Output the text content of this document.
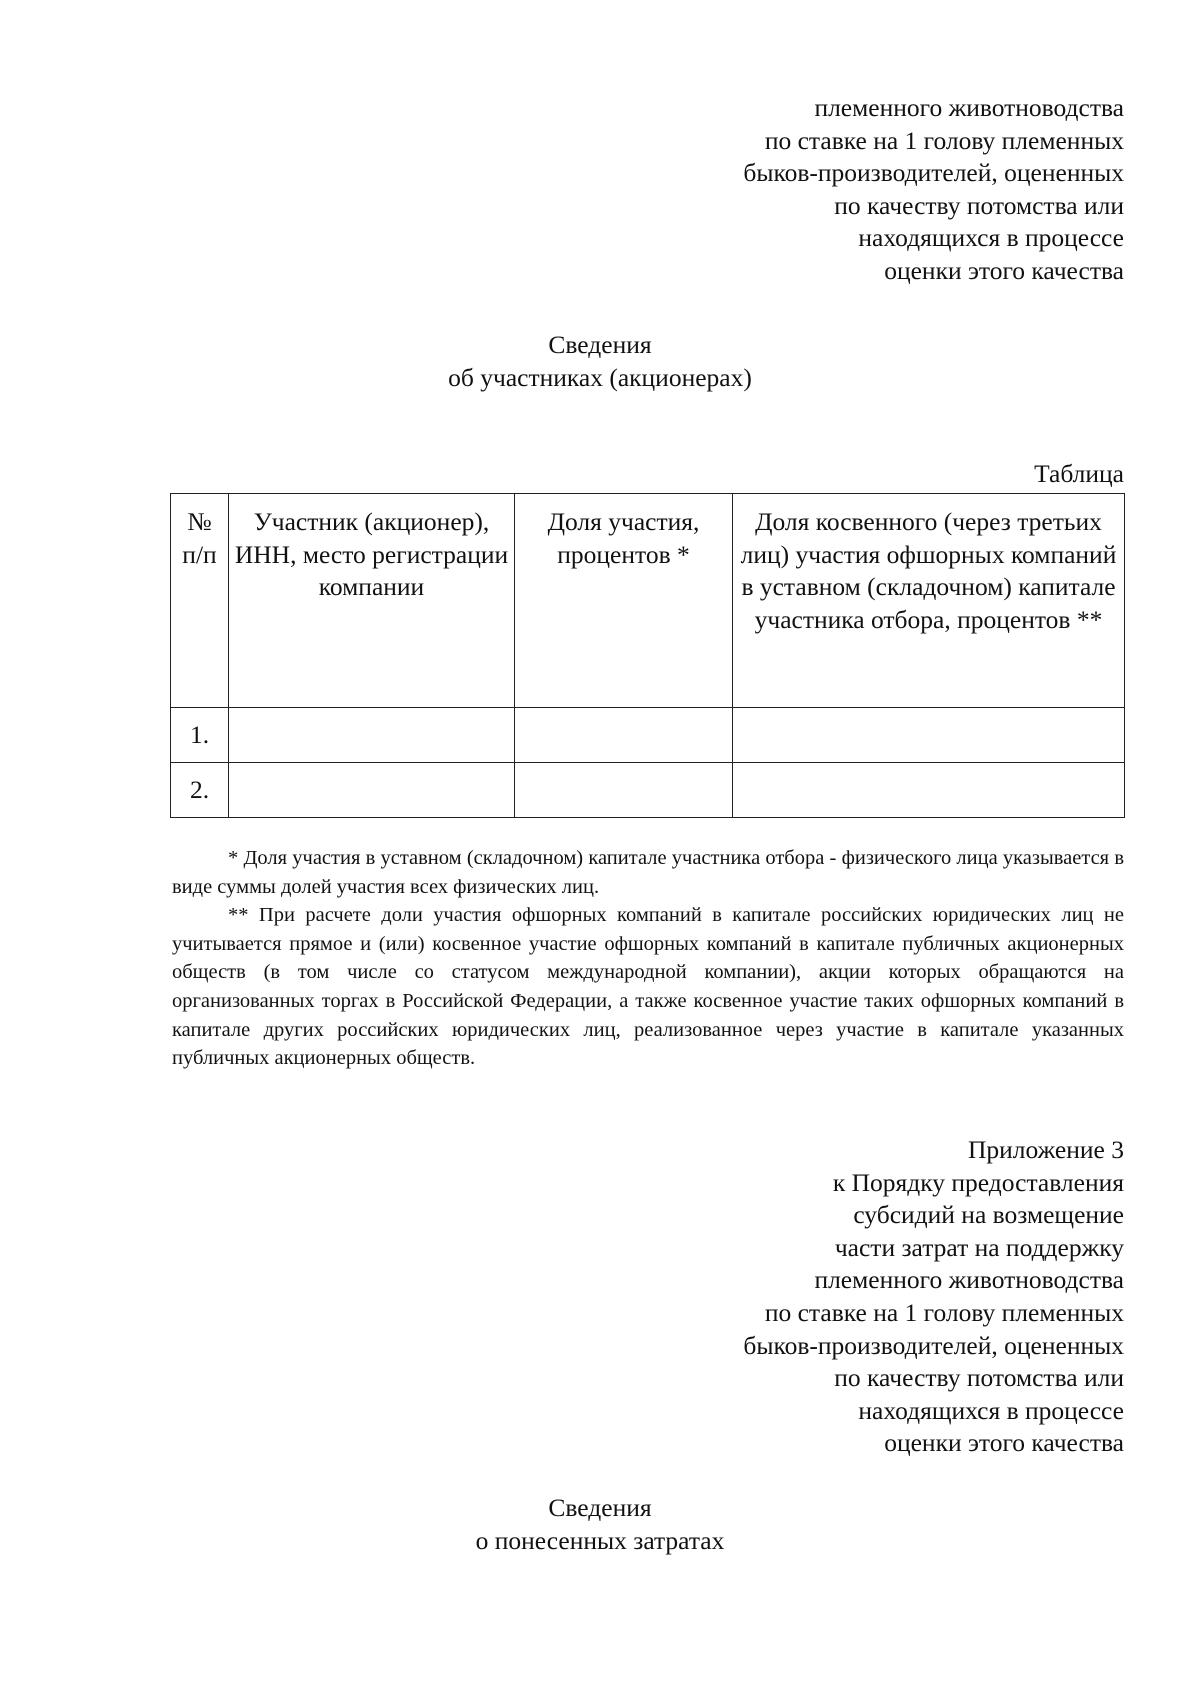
племенного животноводства
по ставке на 1 голову племенных
быков-производителей, оцененных
по качеству потомства или
находящихся в процессе
оценки этого качества
Сведения
об участниках (акционерах)
Таблица
№ п/п	Участник (акционер), ИНН, место регистрации компании	Доля участия, процентов *	Доля косвенного (через третьих лиц) участия офшорных компаний в уставном (складочном) капитале участника отбора, процентов **
1.			
2.			

* Доля участия в уставном (складочном) капитале участника отбора - физического лица указывается в виде суммы долей участия всех физических лиц.

** При расчете доли участия офшорных компаний в капитале российских юридических лиц не учитывается прямое и (или) косвенное участие офшорных компаний в капитале публичных акционерных обществ (в том числе со статусом международной компании), акции которых обращаются на организованных торгах в Российской Федерации, а также косвенное участие таких офшорных компаний в капитале других российских юридических лиц, реализованное через участие в капитале указанных публичных акционерных обществ.

Приложение 3
к Порядку предоставления
субсидий на возмещение
части затрат на поддержку
племенного животноводства
по ставке на 1 голову племенных
быков-производителей, оцененных
по качеству потомства или
находящихся в процессе
оценки этого качества
Сведения
о понесенных затратах
